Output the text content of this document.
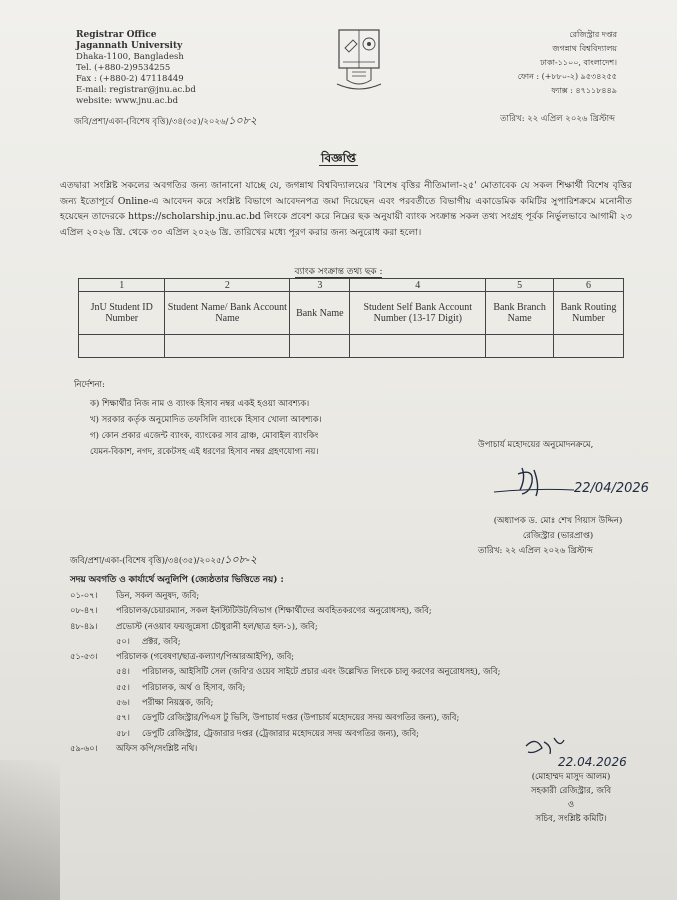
Registrar Office
Jagannath University
Dhaka-1100, Bangladesh
Tel. (+880-2)9534255
Fax : (+880-2) 47118449
E-mail: registrar@jnu.ac.bd
website: www.jnu.ac.bd
রেজিস্ট্রার দপ্তর
জগন্নাথ বিশ্ববিদ্যালয়
ঢাকা-১১০০, বাংলাদেশ।
ফোন : (+৮৮০-২) ৯৫৩৪২৫৫
ফ্যাক্স : ৪৭১১৮৪৪৯
জবি/প্রশা/একা-(বিশেষ বৃত্তি)/৩৪(৩৫)/২০২৬/১০৮২	তারিখ: ২২ এপ্রিল ২০২৬ খ্রিস্টাব্দ
বিজ্ঞপ্তি
এতদ্বারা সংশ্লিষ্ট সকলের অবগতির জন্য জানানো যাচ্ছে যে, জগন্নাথ বিশ্ববিদ্যালয়ের 'বিশেষ বৃত্তির নীতিমালা-২৫' মোতাবেক যে সকল শিক্ষার্থী বিশেষ বৃত্তির জন্য ইতোপূর্বে Online-এ আবেদন করে সংশ্লিষ্ট বিভাগে আবেদনপত্র জমা দিয়েছেন এবং পরবর্তীতে বিভাগীয় একাডেমিক কমিটির সুপারিশক্রমে মনোনীত হয়েছেন তাদেরকে https://scholarship.jnu.ac.bd লিংকে প্রবেশ করে নিম্নের ছক অনুযায়ী ব্যাংক সংক্রান্ত সকল তথ্য সংগ্রহ পূর্বক নির্ভুলভাবে আগামী ২৩ এপ্রিল ২০২৬ খ্রি. থেকে ৩০ এপ্রিল ২০২৬ খ্রি. তারিখের মধ্যে পূরণ করার জন্য অনুরোধ করা হলো।
ব্যাংক সংক্রান্ত তথ্য ছক :
1	2	3	4	5	6
JnU Student ID Number	Student Name/ Bank Account Name	Bank Name	Student Self Bank Account Number (13-17 Digit)	Bank Branch Name	Bank Routing Number

নির্দেশনা:
ক) শিক্ষার্থীর নিজ নাম ও ব্যাংক হিসাব নম্বর একই হওয়া আবশ্যক।
খ) সরকার কর্তৃক অনুমোদিত তফসিলি ব্যাংকে হিসাব খোলা আবশ্যক।
গ) কোন প্রকার এজেন্ট ব্যাংক, ব্যাংকের সাব ব্রাঞ্চ, মোবাইল ব্যাংকিং
যেমন-বিকাশ, নগদ, রকেটসহ এই ধরণের হিসাব নম্বর গ্রহণযোগ্য নয়।
উপাচার্য মহোদয়ের অনুমোদনক্রমে,
22/04/2026
(অধ্যাপক ড. মোঃ শেখ গিয়াস উদ্দিন)
রেজিস্ট্রার (ভারপ্রাপ্ত)
তারিখ: ২২ এপ্রিল ২০২৬ খ্রিস্টাব্দ
জবি/প্রশা/একা-(বিশেষ বৃত্তি)/৩৪(৩৫)/২০২৫/১০৮-২
সদয় অবগতি ও কার্যার্থে অনুলিপি (জ্যেষ্ঠতার ভিত্তিতে নয়) :
০১-০৭। ডিন, সকল অনুষদ, জবি;
০৮-৪৭। পরিচালক/চেয়ারম্যান, সকল ইনস্টিটিউট/বিভাগ (শিক্ষার্থীদের অবহিতকরণের অনুরোধসহ), জবি;
৪৮-৪৯। প্রভোস্ট (নওয়াব ফয়জুন্নেসা চৌধুরানী হল/ছাত্র হল-১), জবি;
৫০। প্রক্টর, জবি;
৫১-৫৩। পরিচালক (গবেষণা/ছাত্র-কল্যাণ/পিআরআইপি), জবি;
৫৪। পরিচালক, আইসিটি সেল (জবি'র ওয়েব সাইটে প্রচার এবং উল্লেখিত লিংকে চালু করণের অনুরোধসহ), জবি;
৫৫। পরিচালক, অর্থ ও হিসাব, জবি;
৫৬। পরীক্ষা নিয়ন্ত্রক, জবি;
৫৭। ডেপুটি রেজিস্ট্রার/পিএস টু ভিসি, উপাচার্য দপ্তর (উপাচার্য মহোদয়ের সদয় অবগতির জন্য), জবি;
৫৮। ডেপুটি রেজিস্ট্রার, ট্রেজারার দপ্তর (ট্রেজারার মহোদয়ের সদয় অবগতির জন্য), জবি;
৫৯-৬০। অফিস কপি/সংশ্লিষ্ট নথি।
22.04.2026
(মোহাম্মদ মাসুদ আলম)
সহকারী রেজিস্ট্রার, জবি
ও
সচিব, সংশ্লিষ্ট কমিটি।
